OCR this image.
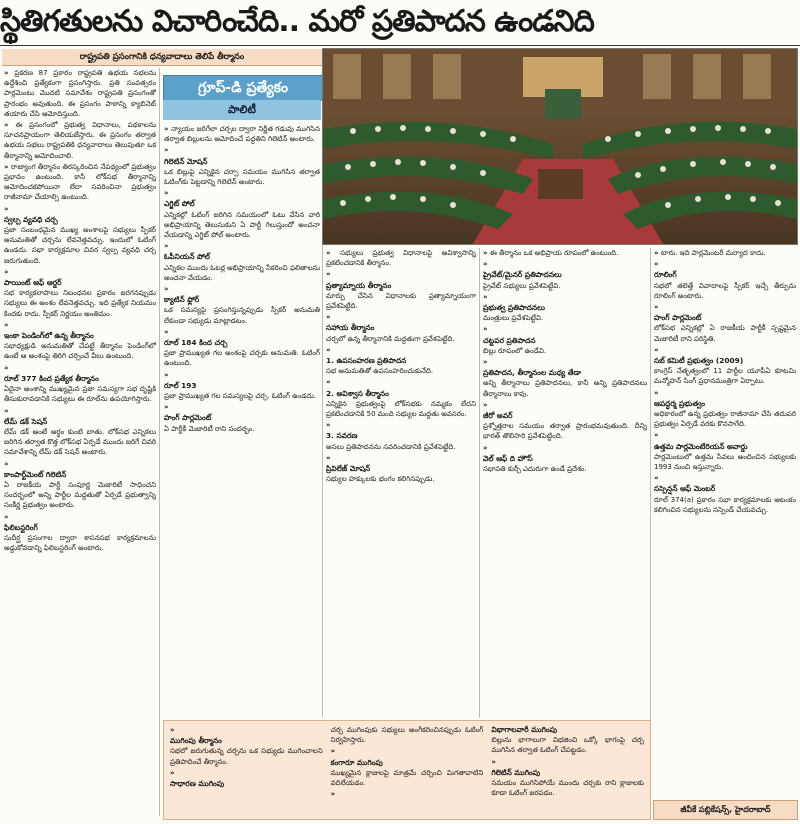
స్థితిగతులను విచారించేది.. మరో ప్రతిపాదన ఉండనిది
రాష్ట్రపతి ప్రసంగానికి ధన్యవాదాలు తెలిపే తీర్మానం

» ప్రకరణ 87 ప్రకారం రాష్ట్రపతి ఉభయ సభలను ఉద్దేశించి ప్రత్యేకంగా ప్రసంగిస్తారు. ప్రతి సంవత్సరం పార్లమెంటు మొదటి సమావేశం రాష్ట్రపతి ప్రసంగంతో ప్రారంభం అవుతుంది. ఈ ప్రసంగం పాఠాన్ని క్యాబినెట్ తయారు చేసి ఆమోదిస్తుంది.

» ఈ ప్రసంగంలో ప్రభుత్వ విధానాలు, పథకాలను సూచనప్రాయంగా తెలియజేస్తారు. ఈ ప్రసంగం తర్వాత ఉభయ సభలు రాష్ట్రపతికి ధన్యవాదాలు తెలుపుతూ ఒక తీర్మానాన్ని ఆమోదించాలి.

» రాజ్యాంగ తీర్మానం తిరస్కరించిన నేపథ్యంలో ప్రభుత్వం ప్రభావం ఉంటుంది. కానీ లోక్‌సభ తీర్మానాన్ని ఆమోదించకపోయినా లేదా సవరించినా ప్రభుత్వం రాజీనామా చేయాల్సి ఉంటుంది.

» స్వల్ప వ్యవధి చర్చ
ప్రజా సంబంధమైన ముఖ్య అంశాలపై సభ్యులు స్పీకర్ అనుమతితో చర్చను లేవనెత్తవచ్చు. ఇందులో ఓటింగ్ ఉండదు. సభా కార్యక్రమాల చివర స్వల్ప వ్యవధి చర్చ జరుగుతుంది.

» పాయింట్ ఆఫ్ ఆర్డర్
సభ కార్యకలాపాలు నిబంధనల ప్రకారం జరగనప్పుడు సభ్యులు ఈ అంశం లేవనెత్తవచ్చు. ఇది ప్రత్యేక నియమం కిందకు రాదు. స్పీకర్ నిర్ణయం అంతిమం.

» ఇంకా పెండింగ్‌లో ఉన్న తీర్మానం
సభాధ్యక్షుడి అనుమతితో చేపట్టే తీర్మానం పెండింగ్‌లో ఉంటే ఆ అంశంపై తిరిగి చర్చించే వీలు ఉంటుంది.

» రూల్ 377 కింద ప్రత్యేక తీర్మానం
ఏదైనా అంశాన్ని ముఖ్యమైన ప్రజా సమస్యగా సభ దృష్టికి తీసుకురావడానికి సభ్యులు ఈ రూల్‌ను ఉపయోగిస్తారు.

» లేమ్ డక్ సెషన్
లేమ్ డక్ అంటే అర్థం కుంటి బాతు. లోక్‌సభ ఎన్నికలు జరిగిన తర్వాత కొత్త లోక్‌సభ ఏర్పడే ముందు జరిగే చివరి సమావేశాన్ని లేమ్ డక్ సెషన్ అంటారు.

» కాంపార్ట్‌మెంట్ గిలెటిన్
ఏ రాజకీయ పార్టీ సంపూర్ణ మెజారిటీ సాధించని సందర్భంలో అన్ని పార్టీల మద్దతుతో ఏర్పడే ప్రభుత్వాన్ని సంకీర్ణ ప్రభుత్వం అంటారు.

» ఫిలిబస్టరింగ్
సుదీర్ఘ ప్రసంగాల ద్వారా శాసనసభ కార్యక్రమాలను అడ్డుకోవడాన్ని ఫిలిబస్టరింగ్ అంటారు.

గ్రూప్-డి ప్రత్యేకం
పాలిటీ

» న్యాయం జరిగేలా చర్చల ద్వారా నిర్ణీత గడువు ముగిసిన తర్వాత బిల్లులను ఆమోదించే పద్ధతిని గిలెటిన్ అంటారు.

» గిలెటిన్ మోషన్
ఒక బిల్లుపై ఎన్నికైన చర్చా సమయం ముగిసిన తర్వాత ఓటింగ్‌కు పెట్టడాన్ని గిలెటిన్ అంటారు.

» ఎగ్జిట్ పోల్
ఎన్నికల్లో ఓటింగ్ జరిగిన సమయంలో ఓటు వేసిన వారి అభిప్రాయాన్ని తెలుసుకుని ఏ పార్టీ గెలుస్తుందో అంచనా వేయడాన్ని ఎగ్జిట్ పోల్ అంటారు.

» ఓపీనియన్ పోల్
ఎన్నికల ముందు ఓటర్ల అభిప్రాయాన్ని సేకరించి ఫలితాలను అంచనా వేయడం.

» క్యాటిన్ ఫ్లోర్
ఒక సమస్యపై ప్రసంగిస్తున్నప్పుడు స్పీకర్ అనుమతి లేకుండా సభ్యుడు మాట్లాడటం.

» రూల్ 184 కింద చర్చ
ప్రజా ప్రాముఖ్యత గల అంశంపై చర్చకు అనుమతి. ఓటింగ్ ఉంటుంది.

» రూల్ 193
ప్రజా ప్రాముఖ్యత గల సమస్యలపై చర్చ. ఓటింగ్ ఉండదు.

» హంగ్ పార్లమెంట్
ఏ పార్టీకీ మెజారిటీ రాని సందర్భం.

» సభ్యులు ప్రభుత్వ విధానాలపై అవిశ్వాసాన్ని ప్రకటించడానికి తీర్మానం.

» ప్రత్యామ్నాయ తీర్మానం
మార్పు చేసిన విధానాలకు ప్రత్యామ్నాయంగా ప్రవేశపెట్టేది.

» సహాయ తీర్మానం
చర్చలో ఉన్న తీర్మానానికి మద్దతుగా ప్రవేశపెట్టేది.

» 1. ఉపసంహరణ ప్రతిపాదన
సభ అనుమతితో ఉపసంహరించుకునేది.

» 2. అవిశ్వాస తీర్మానం
ఎన్నికైన ప్రభుత్వంపై లోక్‌సభకు నమ్మకం లేదని ప్రకటించడానికి 50 మంది సభ్యుల మద్దతు అవసరం.

» 3. సవరణ
అసలు ప్రతిపాదనను సవరించడానికి ప్రవేశపెట్టేది.

» ప్రివిలేజ్ మోషన్
సభ్యుల హక్కులకు భంగం కలిగినప్పుడు.

» ఈ తీర్మానం ఒక అభిప్రాయ రూపంలో ఉంటుంది.

» ప్రైవేట్/మైనర్ ప్రతిపాదనలు
ప్రైవేట్ సభ్యులు ప్రవేశపెట్టేవి.

» ప్రభుత్వ ప్రతిపాదనలు
మంత్రులు ప్రవేశపెట్టేవి.

» చట్టపర ప్రతిపాదన
బిల్లు రూపంలో ఉండేవి.

» ప్రతిపాదన, తీర్మానంల మధ్య తేడా
అన్ని తీర్మానాలు ప్రతిపాదనలు, కానీ అన్ని ప్రతిపాదనలు తీర్మానాలు కావు.

» జీరో అవర్
ప్రశ్నోత్తరాల సమయం తర్వాత ప్రారంభమవుతుంది. దీన్ని భారత్ తొలిసారి ప్రవేశపెట్టింది.

» వెల్ ఆఫ్ ది హౌస్
సభాపతి కుర్చీ ఎదురుగా ఉండే ప్రదేశం.

» టారు. ఇది పార్లమెంటరీ మర్యాద కాదు.

» రూలింగ్
సభలో తలెత్తే వివాదాలపై స్పీకర్ ఇచ్చే తీర్పును రూలింగ్ అంటారు.

» హంగ్ పార్లమెంట్
లోక్‌సభ ఎన్నికల్లో ఏ రాజకీయ పార్టీకీ స్పష్టమైన మెజారిటీ రాని పరిస్థితి.

» సబ్ కమిటీ ప్రభుత్వం (2009)
కాంగ్రెస్ నేతృత్వంలో 11 పార్టీల యూపీఏ కూటమి మన్మోహన్ సింగ్ ప్రధానమంత్రిగా ఏర్పాటు.

» ఆపద్ధర్మ ప్రభుత్వం
అధికారంలో ఉన్న ప్రభుత్వం రాజీనామా చేసి తదుపరి ప్రభుత్వం ఏర్పడే వరకు కొనసాగేది.

» ఉత్తమ పార్లమెంటేరియన్ అవార్డు
పార్లమెంటులో ఉత్తమ సేవలు అందించిన సభ్యులకు 1993 నుంచి ఇస్తున్నారు.

» సస్పెన్షన్ ఆఫ్ మెంబర్
రూల్ 374(a) ప్రకారం సభా కార్యక్రమాలకు ఆటంకం కలిగించిన సభ్యులను సస్పెండ్ చేయవచ్చు.

» ముగింపు తీర్మానం
సభలో జరుగుతున్న చర్చను ఒక సభ్యుడు ముగించాలని ప్రతిపాదించే తీర్మానం.

» సాధారణ ముగింపు
చర్చ ముగింపుకు సభ్యులు అంగీకరించినప్పుడు ఓటింగ్ నిర్వహిస్తారు.

» కంగారూ ముగింపు
ముఖ్యమైన క్లాజులపై మాత్రమే చర్చించి మిగతావాటిని వదిలేయడం.

» విభాగాలవారీ ముగింపు
బిల్లును భాగాలుగా విభజించి ఒక్కో భాగంపై చర్చ ముగిసిన తర్వాత ఓటింగ్ చేపట్టడం.

» గిలెటిన్ ముగింపు
సమయం ముగిసిపోయే ముందు చర్చకు రాని క్లాజులకు కూడా ఓటింగ్ జరపడం.

జీవీకే పబ్లికేషన్స్, హైదరాబాద్
